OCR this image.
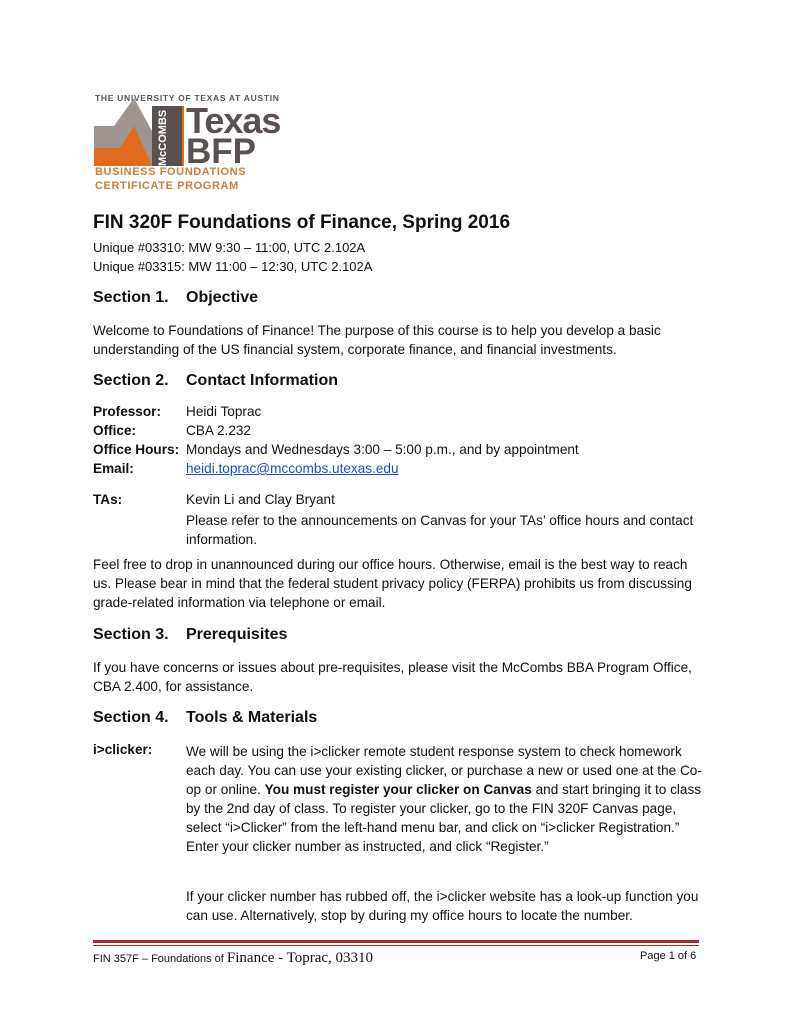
THE UNIVERSITY OF TEXAS AT AUSTIN
McCOMBS Texas
BFP
BUSINESS FOUNDATIONS
CERTIFICATE PROGRAM
FIN 320F Foundations of Finance, Spring 2016
Unique #03310: MW 9:30 – 11:00, UTC 2.102A
Unique #03315: MW 11:00 – 12:30, UTC 2.102A
Section 1. Objective
Welcome to Foundations of Finance! The purpose of this course is to help you develop a basic understanding of the US financial system, corporate finance, and financial investments.
Section 2. Contact Information
Professor: Heidi Toprac
Office:	CBA 2.232
Office Hours: Mondays and Wednesdays 3:00 – 5:00 p.m., and by appointment
Email:	heidi.toprac@mccombs.utexas.edu
TAs:	Kevin Li and Clay Bryant
Please refer to the announcements on Canvas for your TAs’ office hours and contact information.
Feel free to drop in unannounced during our office hours. Otherwise, email is the best way to reach us. Please bear in mind that the federal student privacy policy (FERPA) prohibits us from discussing grade-related information via telephone or email.
Section 3. Prerequisites
If you have concerns or issues about pre-requisites, please visit the McCombs BBA Program Office, CBA 2.400, for assistance.
Section 4. Tools & Materials
i>clicker: We will be using the i>clicker remote student response system to check homework each day. You can use your existing clicker, or purchase a new or used one at the Co-op or online. You must register your clicker on Canvas and start bringing it to class by the 2nd day of class. To register your clicker, go to the FIN 320F Canvas page, select “i>Clicker” from the left-hand menu bar, and click on “i>clicker Registration.” Enter your clicker number as instructed, and click “Register.”
If your clicker number has rubbed off, the i>clicker website has a look-up function you can use. Alternatively, stop by during my office hours to locate the number.
FIN 357F – Foundations of Finance - Toprac, 03310	Page 1 of 6
